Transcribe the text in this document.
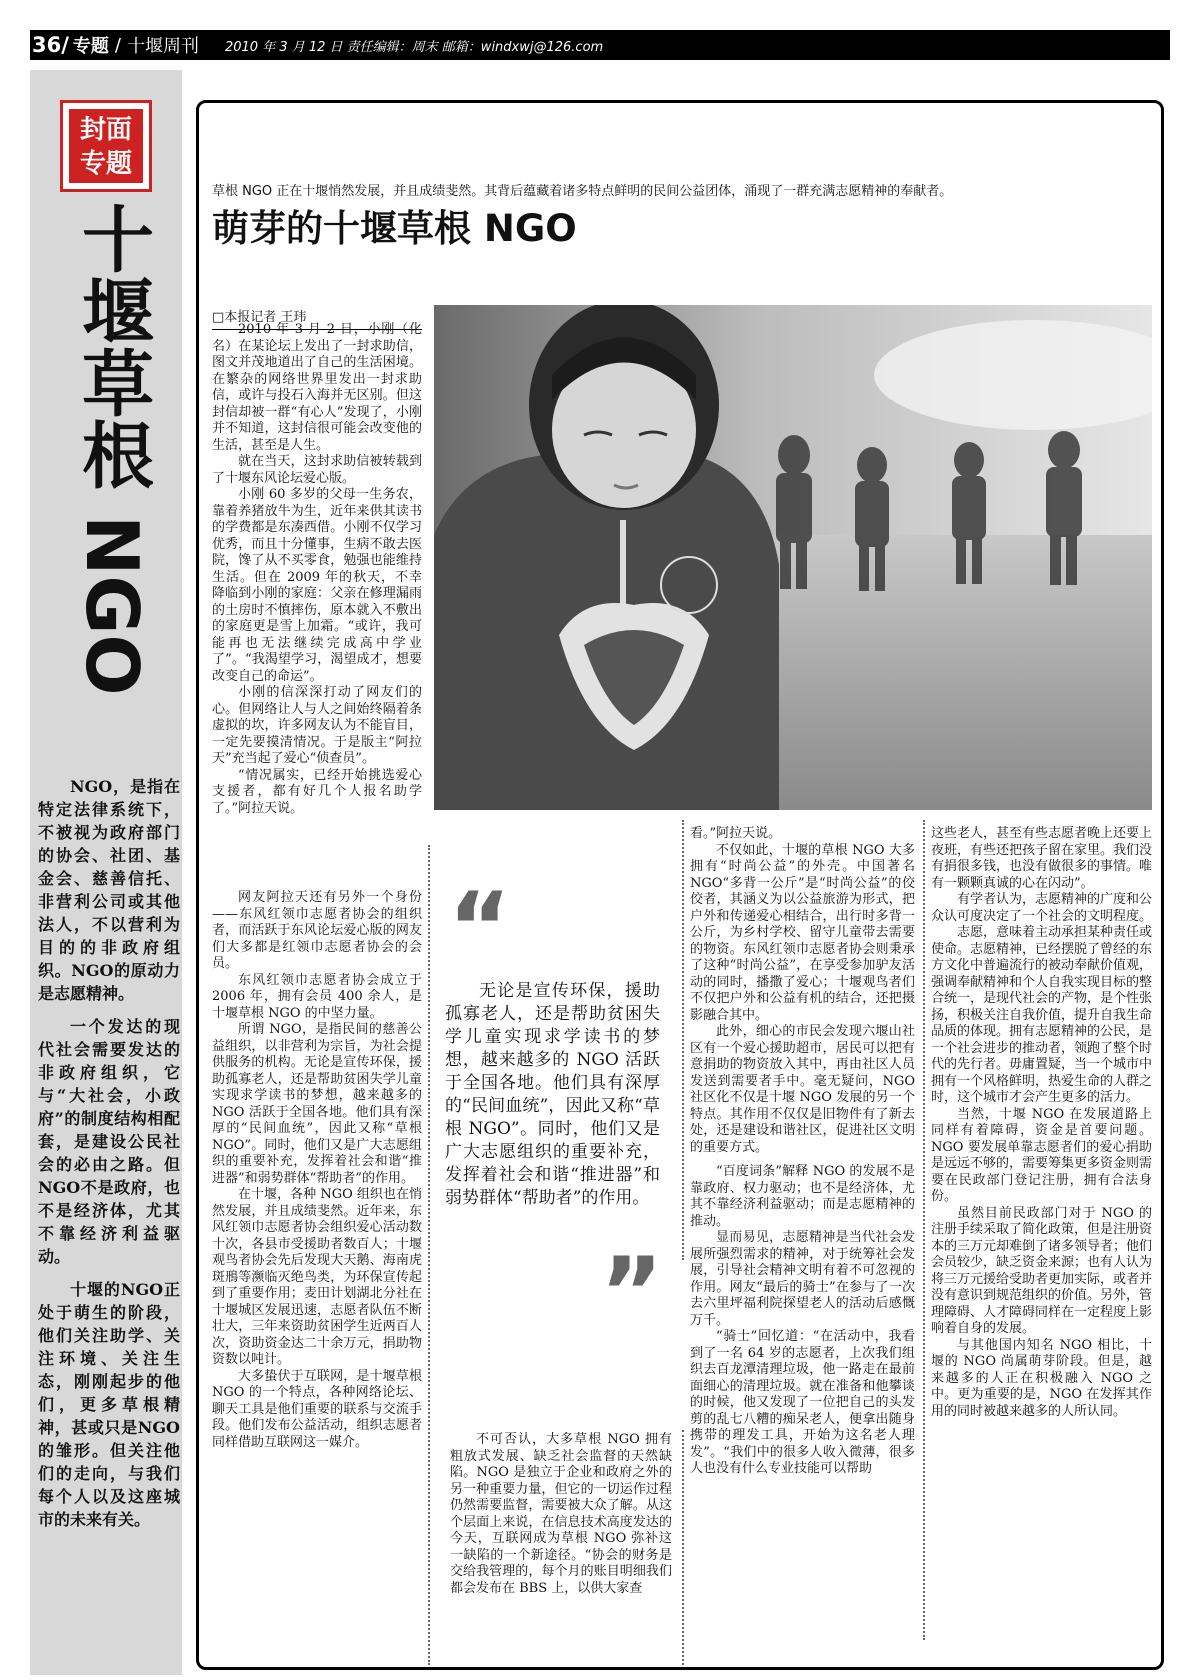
36/ 专题 / 十堰周刊 2010 年 3 月 12 日 责任编辑：周末 邮箱：windxwj@126.com
封面
专题
十堰草根 NGO

NGO，是指在特定法律系统下，不被视为政府部门的协会、社团、基金会、慈善信托、非营利公司或其他法人，不以营利为目的的非政府组织。NGO的原动力是志愿精神。

一个发达的现代社会需要发达的非政府组织，它与“大社会，小政府”的制度结构相配套，是建设公民社会的必由之路。但NGO不是政府，也不是经济体，尤其不靠经济利益驱动。

十堰的NGO正处于萌生的阶段，他们关注助学、关注环境、关注生态，刚刚起步的他们，更多草根精神，甚或只是NGO的雏形。但关注他们的走向，与我们每个人以及这座城市的未来有关。

草根 NGO 正在十堰悄然发展，并且成绩斐然。其背后蕴藏着诸多特点鲜明的民间公益团体，涌现了一群充满志愿精神的奉献者。
萌芽的十堰草根 NGO
□本报记者 王玮

2010 年 3 月 2 日，小刚（化名）在某论坛上发出了一封求助信，图文并茂地道出了自己的生活困境。在繁杂的网络世界里发出一封求助信，或许与投石入海并无区别。但这封信却被一群“有心人”发现了，小刚并不知道，这封信很可能会改变他的生活，甚至是人生。

就在当天，这封求助信被转载到了十堰东风论坛爱心版。

小刚 60 多岁的父母一生务农，靠着养猪放牛为生，近年来供其读书的学费都是东凑西借。小刚不仅学习优秀，而且十分懂事，生病不敢去医院，馋了从不买零食，勉强也能维持生活。但在 2009 年的秋天，不幸降临到小刚的家庭：父亲在修理漏雨的土房时不慎摔伤，原本就入不敷出的家庭更是雪上加霜。“或许，我可能再也无法继续完成高中学业了”。“我渴望学习，渴望成才，想要改变自己的命运”。

小刚的信深深打动了网友们的心。但网络让人与人之间始终隔着条虚拟的坎，许多网友认为不能盲目，一定先要摸清情况。于是版主“阿拉天”充当起了爱心“侦查员”。

“情况属实，已经开始挑选爱心支援者，都有好几个人报名助学了。”阿拉天说。

网友阿拉天还有另外一个身份——东风红领巾志愿者协会的组织者，而活跃于东风论坛爱心版的网友们大多都是红领巾志愿者协会的会员。

东风红领巾志愿者协会成立于 2006 年，拥有会员 400 余人，是十堰草根 NGO 的中坚力量。

所谓 NGO，是指民间的慈善公益组织，以非营利为宗旨，为社会提供服务的机构。无论是宣传环保，援助孤寡老人，还是帮助贫困失学儿童实现求学读书的梦想，越来越多的 NGO 活跃于全国各地。他们具有深厚的“民间血统”，因此又称“草根 NGO”。同时，他们又是广大志愿组织的重要补充，发挥着社会和谐“推进器”和弱势群体“帮助者”的作用。

在十堰，各种 NGO 组织也在悄然发展，并且成绩斐然。近年来，东风红领巾志愿者协会组织爱心活动数十次，各县市受援助者数百人；十堰观鸟者协会先后发现大天鹅、海南虎斑鳽等濒临灭绝鸟类，为环保宣传起到了重要作用；麦田计划湖北分社在十堰城区发展迅速，志愿者队伍不断壮大，三年来资助贫困学生近两百人次，资助资金达二十余万元，捐助物资数以吨计。

大多蛰伏于互联网，是十堰草根 NGO 的一个特点，各种网络论坛、聊天工具是他们重要的联系与交流手段。他们发布公益活动，组织志愿者同样借助互联网这一媒介。

“
无论是宣传环保，援助孤寡老人，还是帮助贫困失学儿童实现求学读书的梦想，越来越多的 NGO 活跃于全国各地。他们具有深厚的“民间血统”，因此又称“草根 NGO”。同时，他们又是广大志愿组织的重要补充，发挥着社会和谐“推进器”和弱势群体“帮助者”的作用。
”

不可否认，大多草根 NGO 拥有粗放式发展、缺乏社会监督的天然缺陷。NGO 是独立于企业和政府之外的另一种重要力量，但它的一切运作过程仍然需要监督，需要被大众了解。从这个层面上来说，在信息技术高度发达的今天，互联网成为草根 NGO 弥补这一缺陷的一个新途径。“协会的财务是交给我管理的，每个月的账目明细我们都会发布在 BBS 上，以供大家查

看。”阿拉天说。

不仅如此，十堰的草根 NGO 大多拥有“时尚公益”的外壳。中国著名 NGO“多背一公斤”是“时尚公益”的佼佼者，其涵义为以公益旅游为形式，把户外和传递爱心相结合，出行时多背一公斤，为乡村学校、留守儿童带去需要的物资。东风红领巾志愿者协会则秉承了这种“时尚公益”，在享受参加驴友活动的同时，播撒了爱心；十堰观鸟者们不仅把户外和公益有机的结合，还把摄影融合其中。

此外，细心的市民会发现六堰山社区有一个爱心援助超市，居民可以把有意捐助的物资放入其中，再由社区人员发送到需要者手中。毫无疑问，NGO 社区化不仅是十堰 NGO 发展的另一个特点。其作用不仅仅是旧物件有了新去处，还是建设和谐社区，促进社区文明的重要方式。

“百度词条”解释 NGO 的发展不是靠政府、权力驱动；也不是经济体，尤其不靠经济利益驱动；而是志愿精神的推动。

显而易见，志愿精神是当代社会发展所强烈需求的精神，对于统筹社会发展，引导社会精神文明有着不可忽视的作用。网友“最后的骑士”在参与了一次去六里坪福利院探望老人的活动后感慨万千。

“骑士”回忆道：“在活动中，我看到了一名 64 岁的志愿者，上次我们组织去百龙潭清理垃圾，他一路走在最前面细心的清理垃圾。就在准备和他攀谈的时候，他又发现了一位把自己的头发剪的乱七八糟的痴呆老人，便拿出随身携带的理发工具，开始为这名老人理发”。“我们中的很多人收入微薄，很多人也没有什么专业技能可以帮助

这些老人，甚至有些志愿者晚上还要上夜班，有些还把孩子留在家里。我们没有捐很多钱，也没有做很多的事情。唯有一颗颗真诚的心在闪动”。

有学者认为，志愿精神的广度和公众认可度决定了一个社会的文明程度。

志愿，意味着主动承担某种责任或使命。志愿精神，已经摆脱了曾经的东方文化中普遍流行的被动奉献价值观，强调奉献精神和个人自我实现目标的整合统一，是现代社会的产物，是个性张扬，积极关注自我价值，提升自我生命品质的体现。拥有志愿精神的公民，是一个社会进步的推动者，领跑了整个时代的先行者。毋庸置疑，当一个城市中拥有一个风格鲜明，热爱生命的人群之时，这个城市才会产生更多的活力。

当然，十堰 NGO 在发展道路上同样有着障碍，资金是首要问题。NGO 要发展单靠志愿者们的爱心捐助是远远不够的，需要筹集更多资金则需要在民政部门登记注册，拥有合法身份。

虽然目前民政部门对于 NGO 的注册手续采取了简化政策，但是注册资本的三万元却难倒了诸多领导者；他们会员较少，缺乏资金来源；也有人认为将三万元援给受助者更加实际，或者并没有意识到规范组织的价值。另外，管理障碍、人才障碍同样在一定程度上影响着自身的发展。

与其他国内知名 NGO 相比，十堰的 NGO 尚属萌芽阶段。但是，越来越多的人正在积极融入 NGO 之中。更为重要的是，NGO 在发挥其作用的同时被越来越多的人所认同。
